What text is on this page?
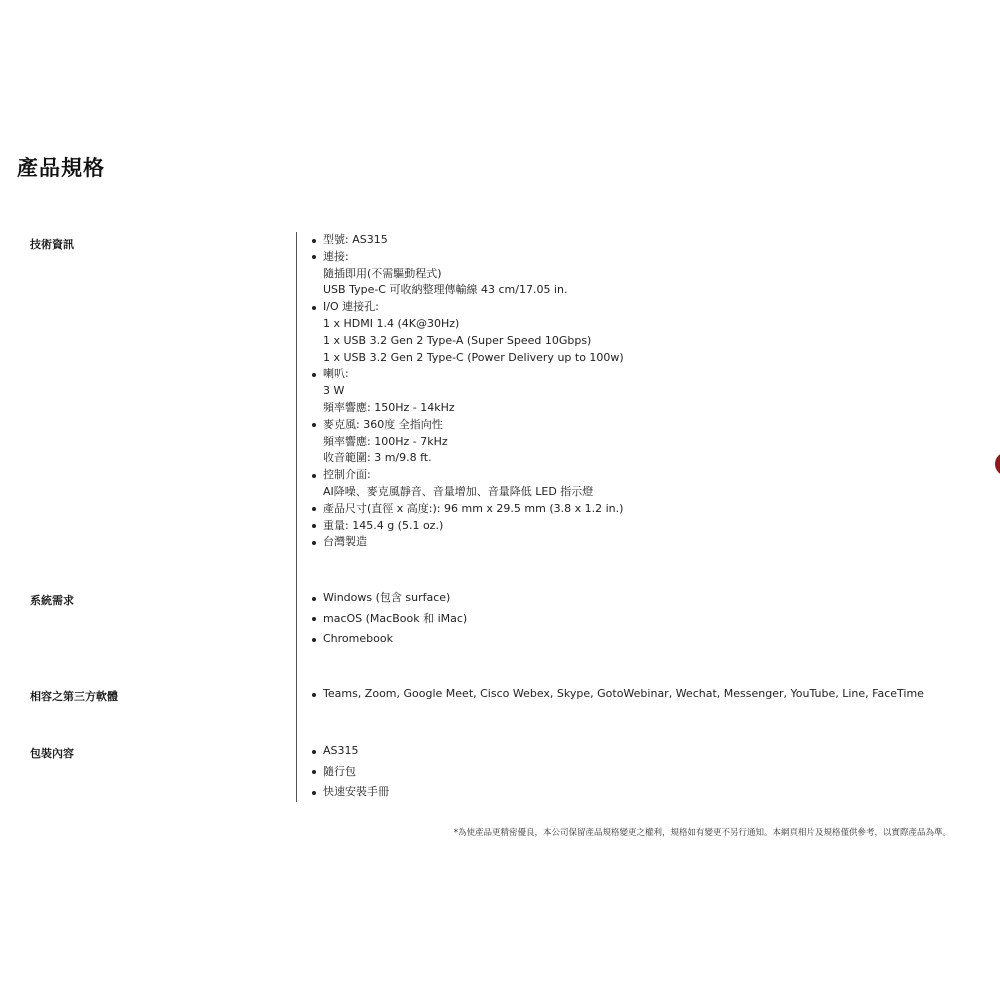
產品規格
技術資訊	型號: AS315
連接:
隨插即用(不需驅動程式)
USB Type-C 可收納整理傳輸線 43 cm/17.05 in.
I/O 連接孔:
1 x HDMI 1.4 (4K@30Hz)
1 x USB 3.2 Gen 2 Type-A (Super Speed 10Gbps)
1 x USB 3.2 Gen 2 Type-C (Power Delivery up to 100w)
喇叭:
3 W
頻率響應: 150Hz - 14kHz
麥克風: 360度 全指向性
頻率響應: 100Hz - 7kHz
收音範圍: 3 m/9.8 ft.
控制介面:
AI降噪、麥克風靜音、音量增加、音量降低 LED 指示燈
產品尺寸(直徑 x 高度:): 96 mm x 29.5 mm (3.8 x 1.2 in.)
重量: 145.4 g (5.1 oz.)
台灣製造
系統需求	Windows (包含 surface)
macOS (MacBook 和 iMac)
Chromebook
相容之第三方軟體	Teams, Zoom, Google Meet, Cisco Webex, Skype, GotoWebinar, Wechat, Messenger, YouTube, Line, FaceTime
包裝內容	AS315
隨行包
快速安裝手冊
*為使產品更精密優良，本公司保留產品規格變更之權利，規格如有變更不另行通知。本網頁相片及規格僅供參考，以實際產品為準。
